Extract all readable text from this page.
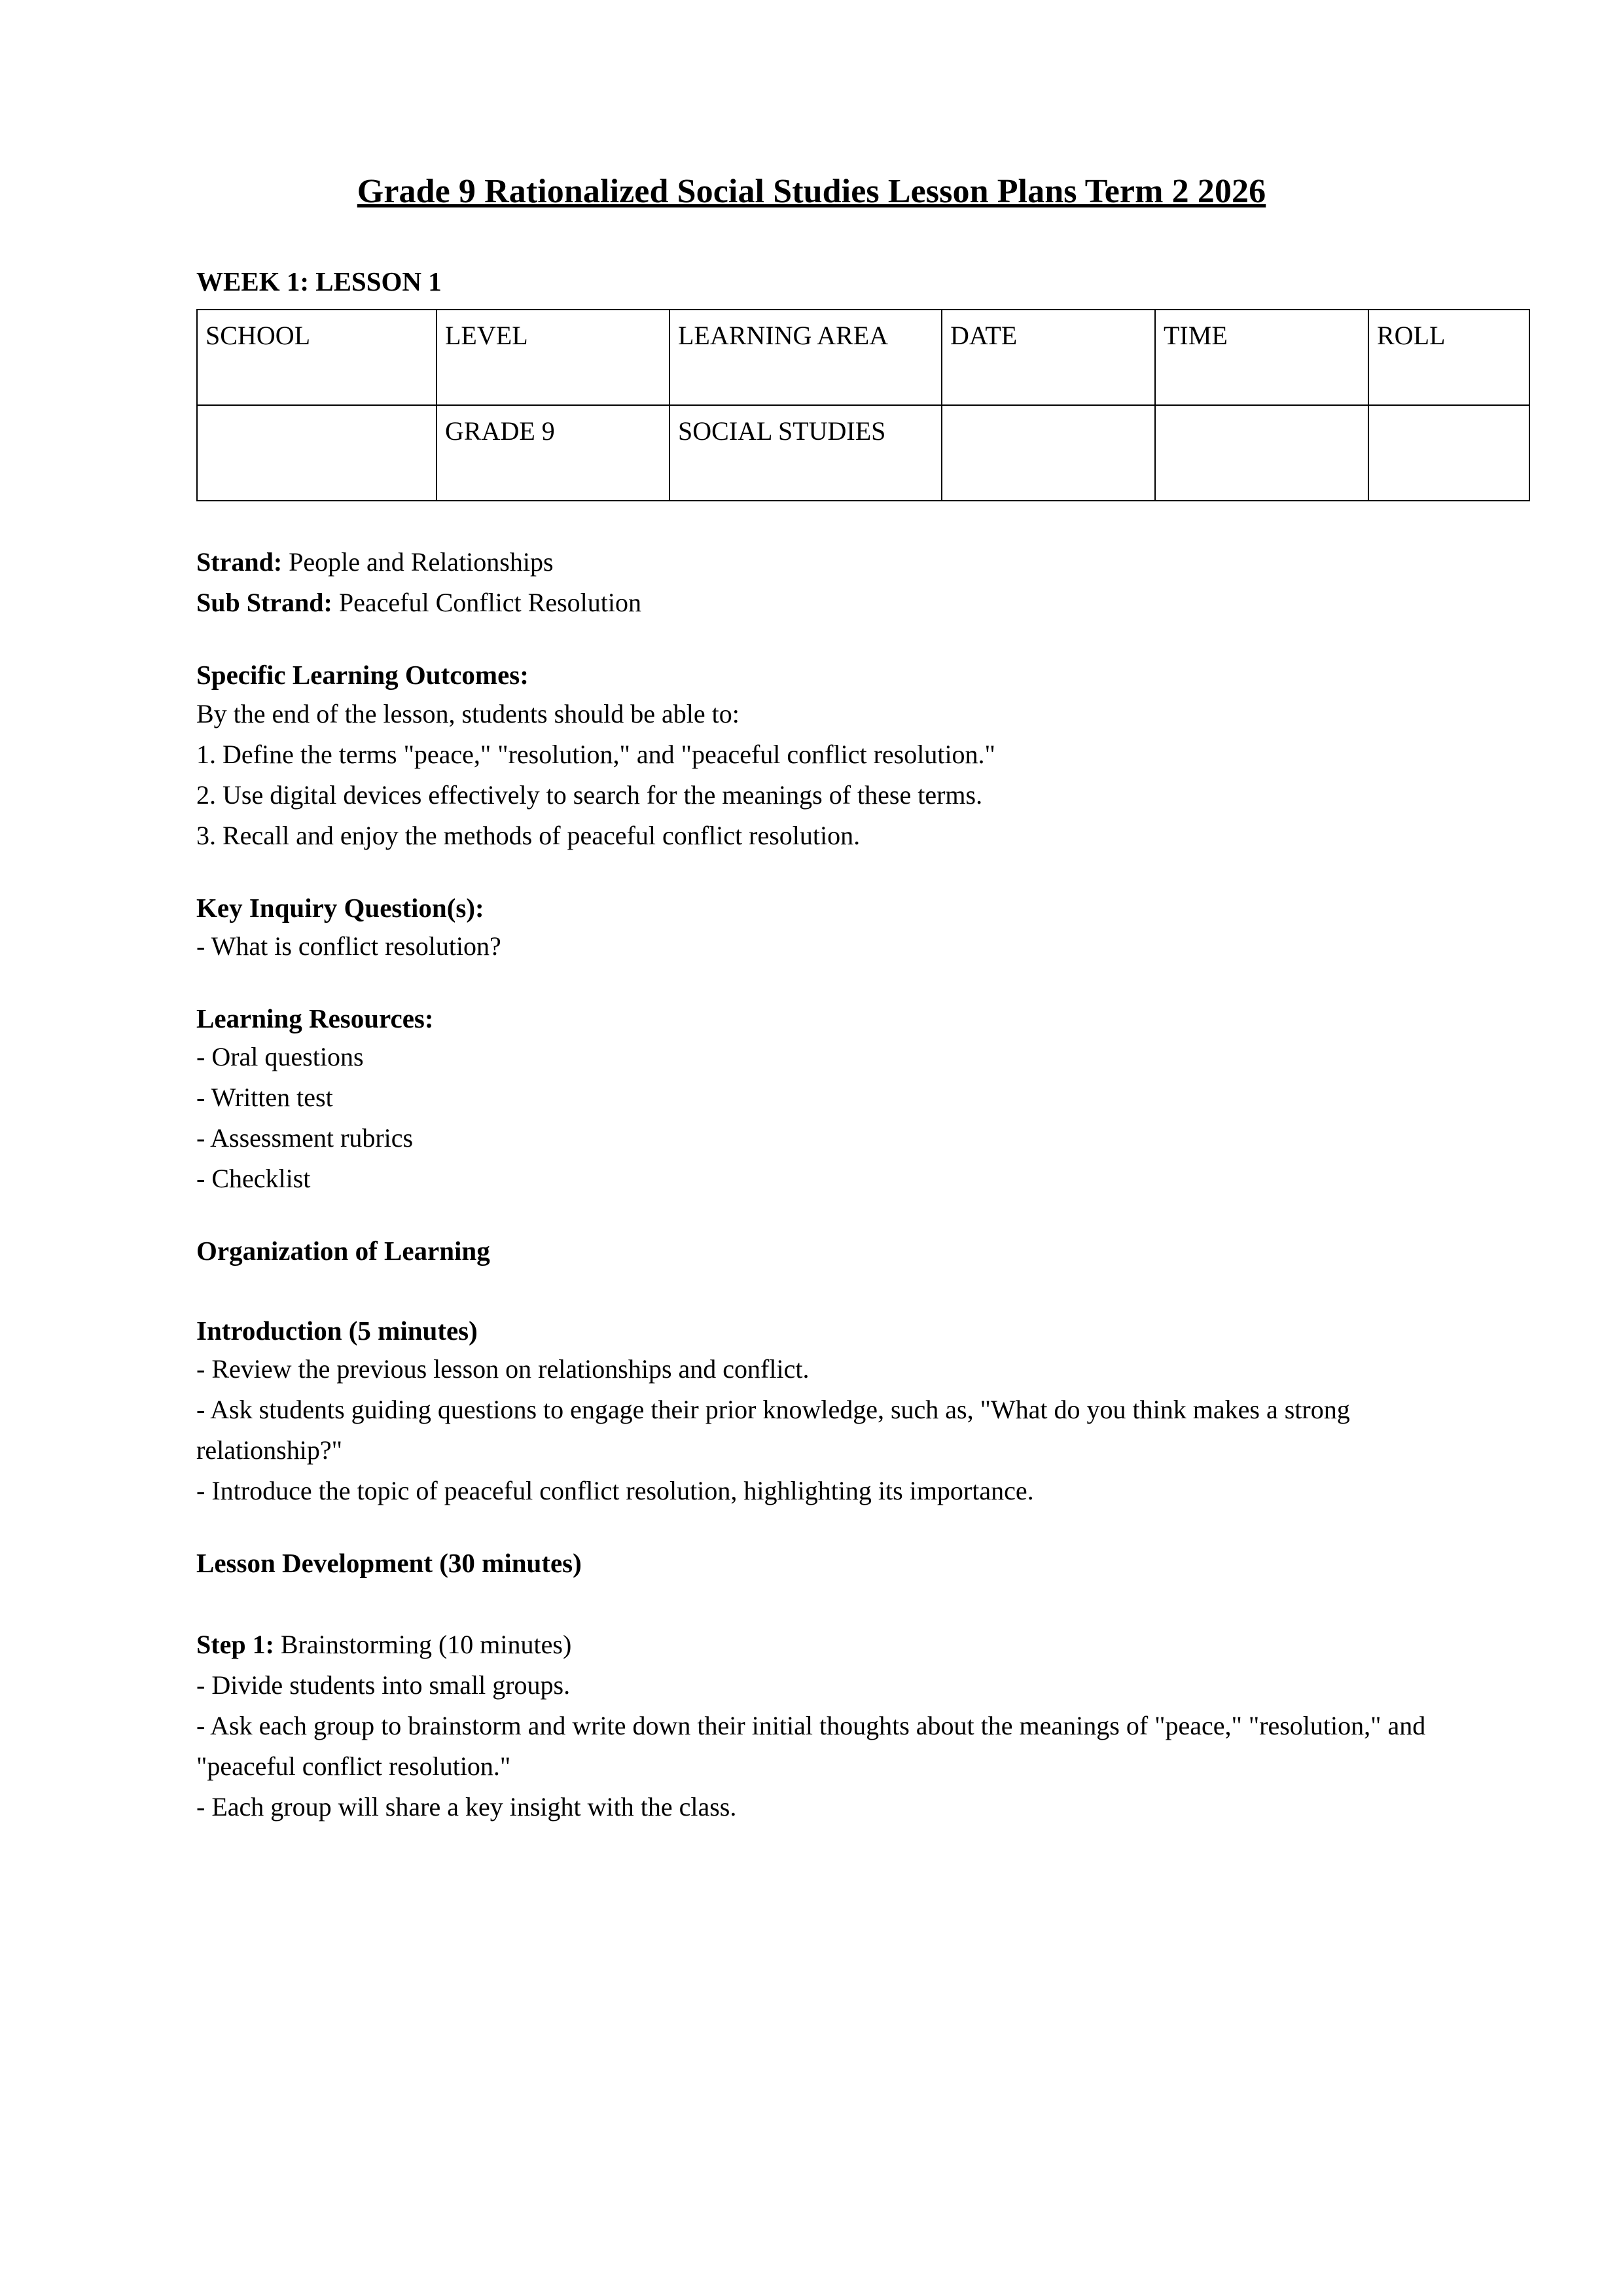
Grade 9 Rationalized Social Studies Lesson Plans Term 2 2026
WEEK 1: LESSON 1
SCHOOL	LEVEL	LEARNING AREA	DATE	TIME	ROLL
	GRADE 9	SOCIAL STUDIES			

Strand: People and Relationships

Sub Strand: Peaceful Conflict Resolution

Specific Learning Outcomes:

By the end of the lesson, students should be able to:

1. Define the terms "peace," "resolution," and "peaceful conflict resolution."

2. Use digital devices effectively to search for the meanings of these terms.

3. Recall and enjoy the methods of peaceful conflict resolution.

Key Inquiry Question(s):

- What is conflict resolution?

Learning Resources:

- Oral questions

- Written test

- Assessment rubrics

- Checklist

Organization of Learning

Introduction (5 minutes)

- Review the previous lesson on relationships and conflict.

- Ask students guiding questions to engage their prior knowledge, such as, "What do you think makes a strong relationship?"

- Introduce the topic of peaceful conflict resolution, highlighting its importance.

Lesson Development (30 minutes)

Step 1: Brainstorming (10 minutes)

- Divide students into small groups.

- Ask each group to brainstorm and write down their initial thoughts about the meanings of "peace," "resolution," and "peaceful conflict resolution."

- Each group will share a key insight with the class.
